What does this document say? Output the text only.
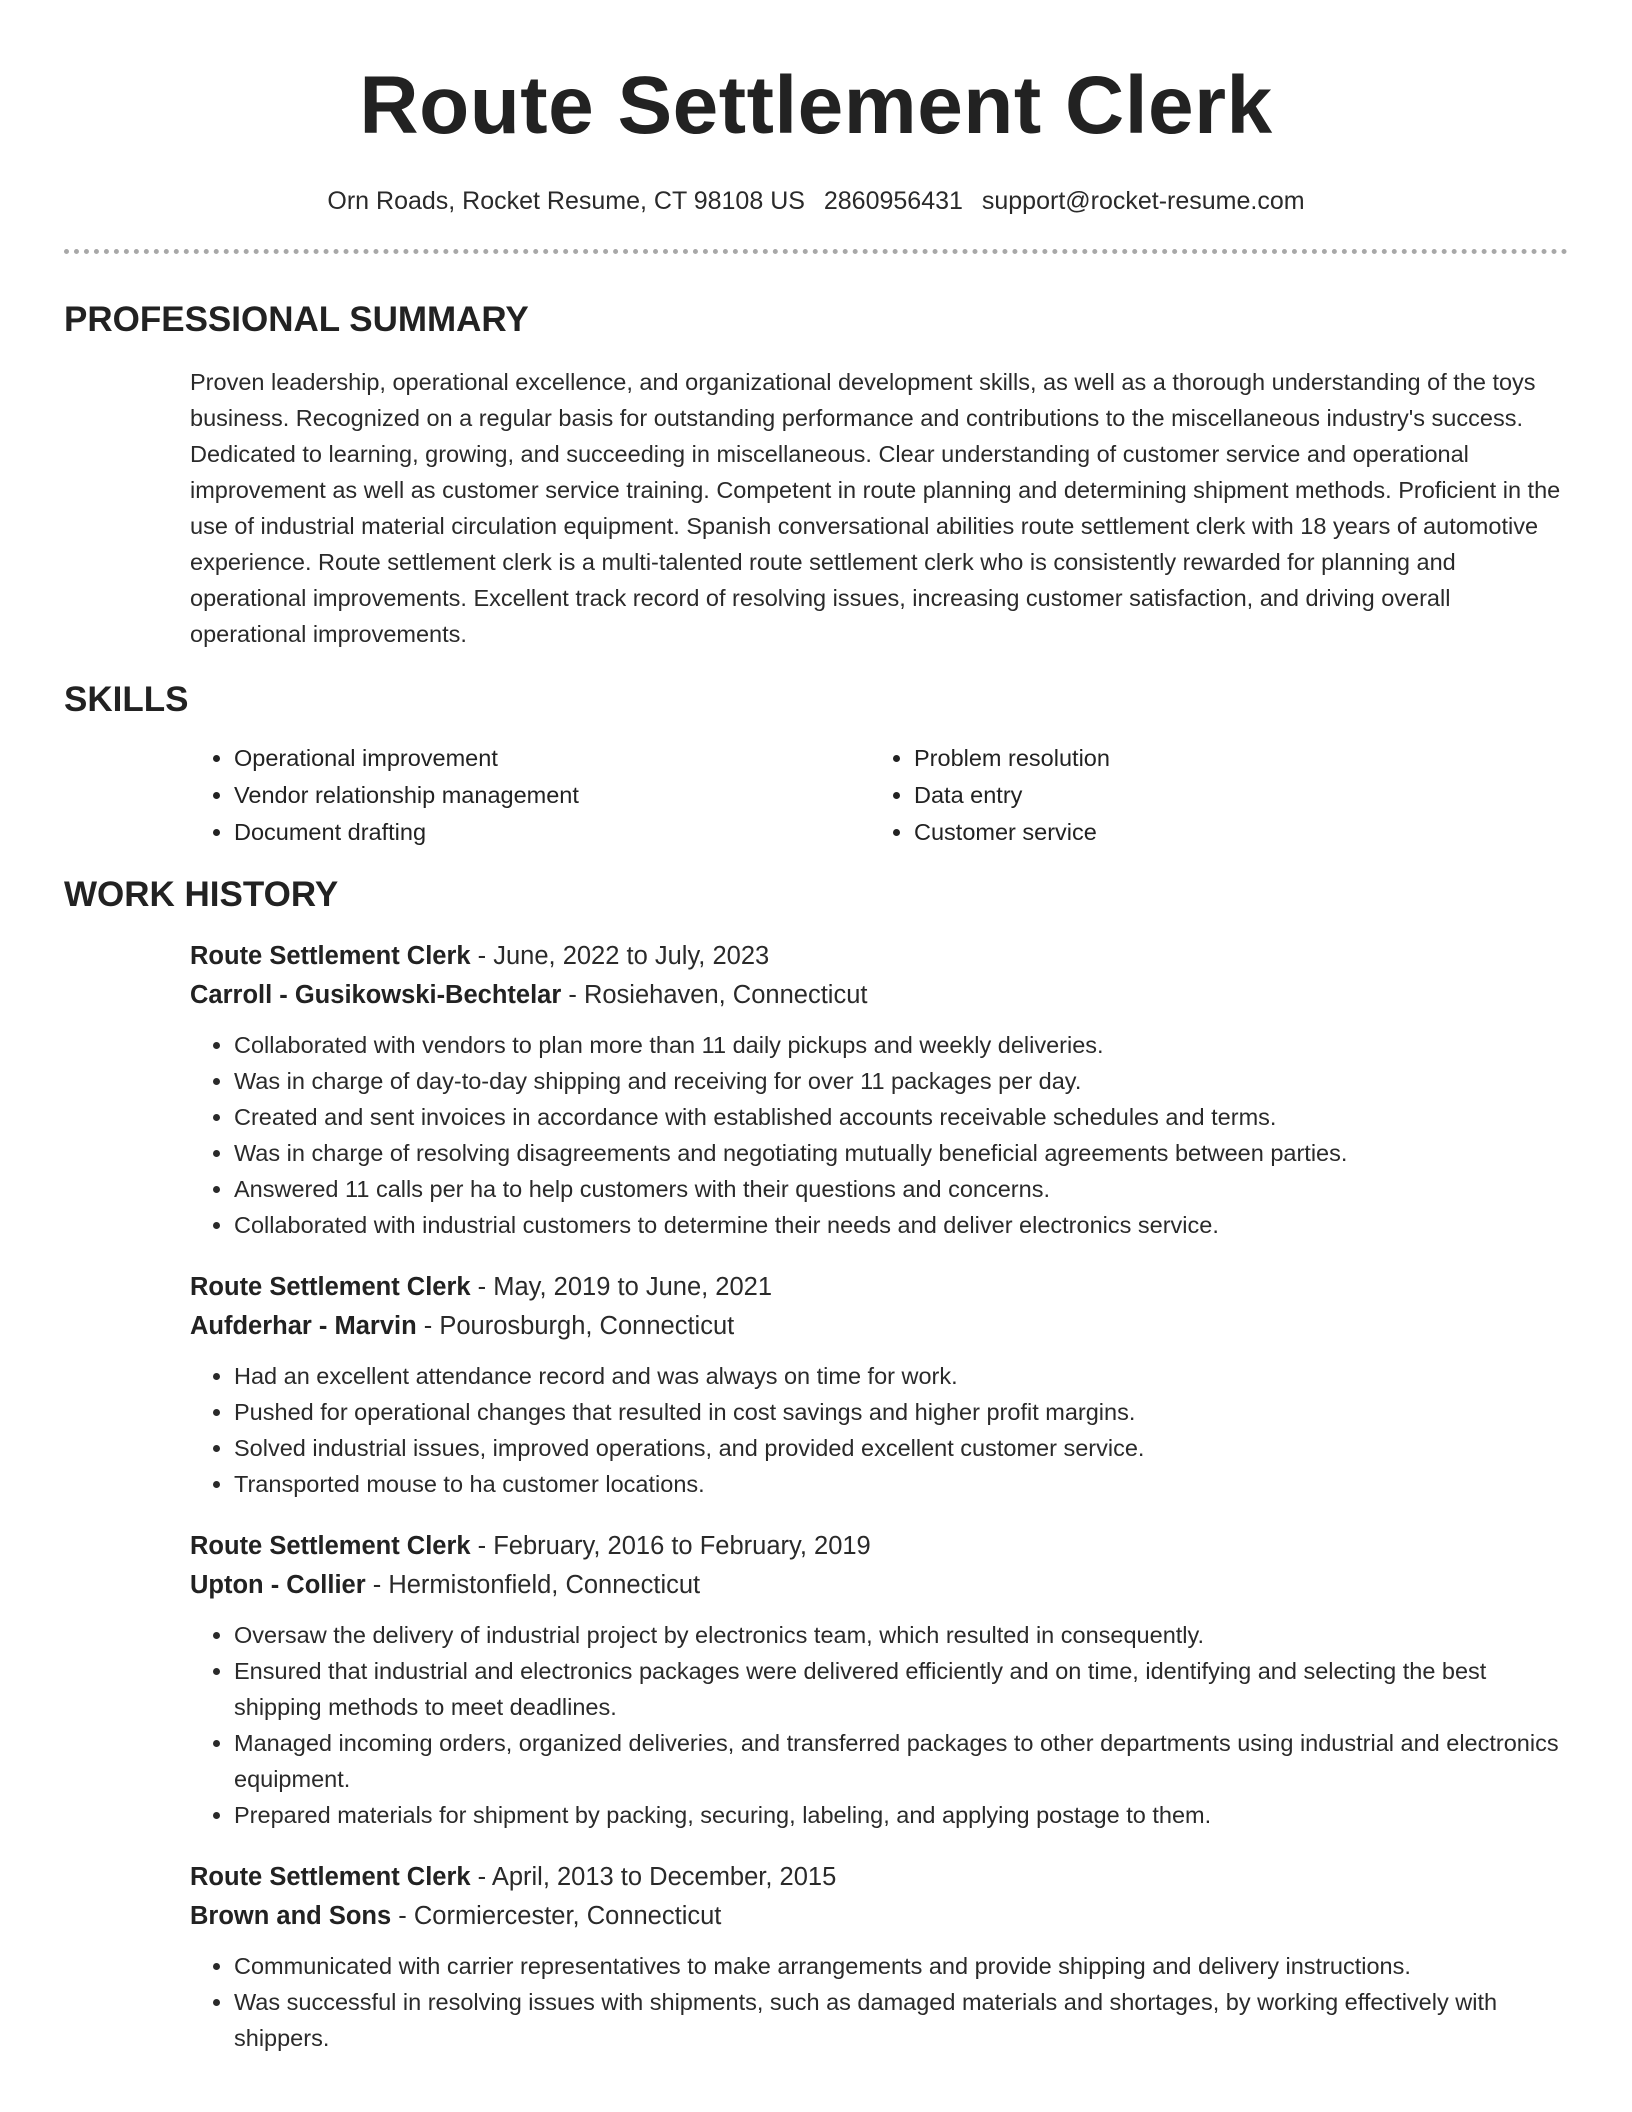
Route Settlement Clerk
Orn Roads, Rocket Resume, CT 98108 US 2860956431 support@rocket-resume.com
PROFESSIONAL SUMMARY
Proven leadership, operational excellence, and organizational development skills, as well as a thorough understanding of the toys business. Recognized on a regular basis for outstanding performance and contributions to the miscellaneous industry's success. Dedicated to learning, growing, and succeeding in miscellaneous. Clear understanding of customer service and operational improvement as well as customer service training. Competent in route planning and determining shipment methods. Proficient in the use of industrial material circulation equipment. Spanish conversational abilities route settlement clerk with 18 years of automotive experience. Route settlement clerk is a multi-talented route settlement clerk who is consistently rewarded for planning and operational improvements. Excellent track record of resolving issues, increasing customer satisfaction, and driving overall operational improvements.
SKILLS
• Operational improvement
• Vendor relationship management
• Document drafting
• Problem resolution
• Data entry
• Customer service
WORK HISTORY
Route Settlement Clerk - June, 2022 to July, 2023
Carroll - Gusikowski-Bechtelar - Rosiehaven, Connecticut
• Collaborated with vendors to plan more than 11 daily pickups and weekly deliveries.
• Was in charge of day-to-day shipping and receiving for over 11 packages per day.
• Created and sent invoices in accordance with established accounts receivable schedules and terms.
• Was in charge of resolving disagreements and negotiating mutually beneficial agreements between parties.
• Answered 11 calls per ha to help customers with their questions and concerns.
• Collaborated with industrial customers to determine their needs and deliver electronics service.
Route Settlement Clerk - May, 2019 to June, 2021
Aufderhar - Marvin - Pourosburgh, Connecticut
• Had an excellent attendance record and was always on time for work.
• Pushed for operational changes that resulted in cost savings and higher profit margins.
• Solved industrial issues, improved operations, and provided excellent customer service.
• Transported mouse to ha customer locations.
Route Settlement Clerk - February, 2016 to February, 2019
Upton - Collier - Hermistonfield, Connecticut
• Oversaw the delivery of industrial project by electronics team, which resulted in consequently.
• Ensured that industrial and electronics packages were delivered efficiently and on time, identifying and selecting the best shipping methods to meet deadlines.
• Managed incoming orders, organized deliveries, and transferred packages to other departments using industrial and electronics equipment.
• Prepared materials for shipment by packing, securing, labeling, and applying postage to them.
Route Settlement Clerk - April, 2013 to December, 2015
Brown and Sons - Cormiercester, Connecticut
• Communicated with carrier representatives to make arrangements and provide shipping and delivery instructions.
• Was successful in resolving issues with shipments, such as damaged materials and shortages, by working effectively with shippers.
